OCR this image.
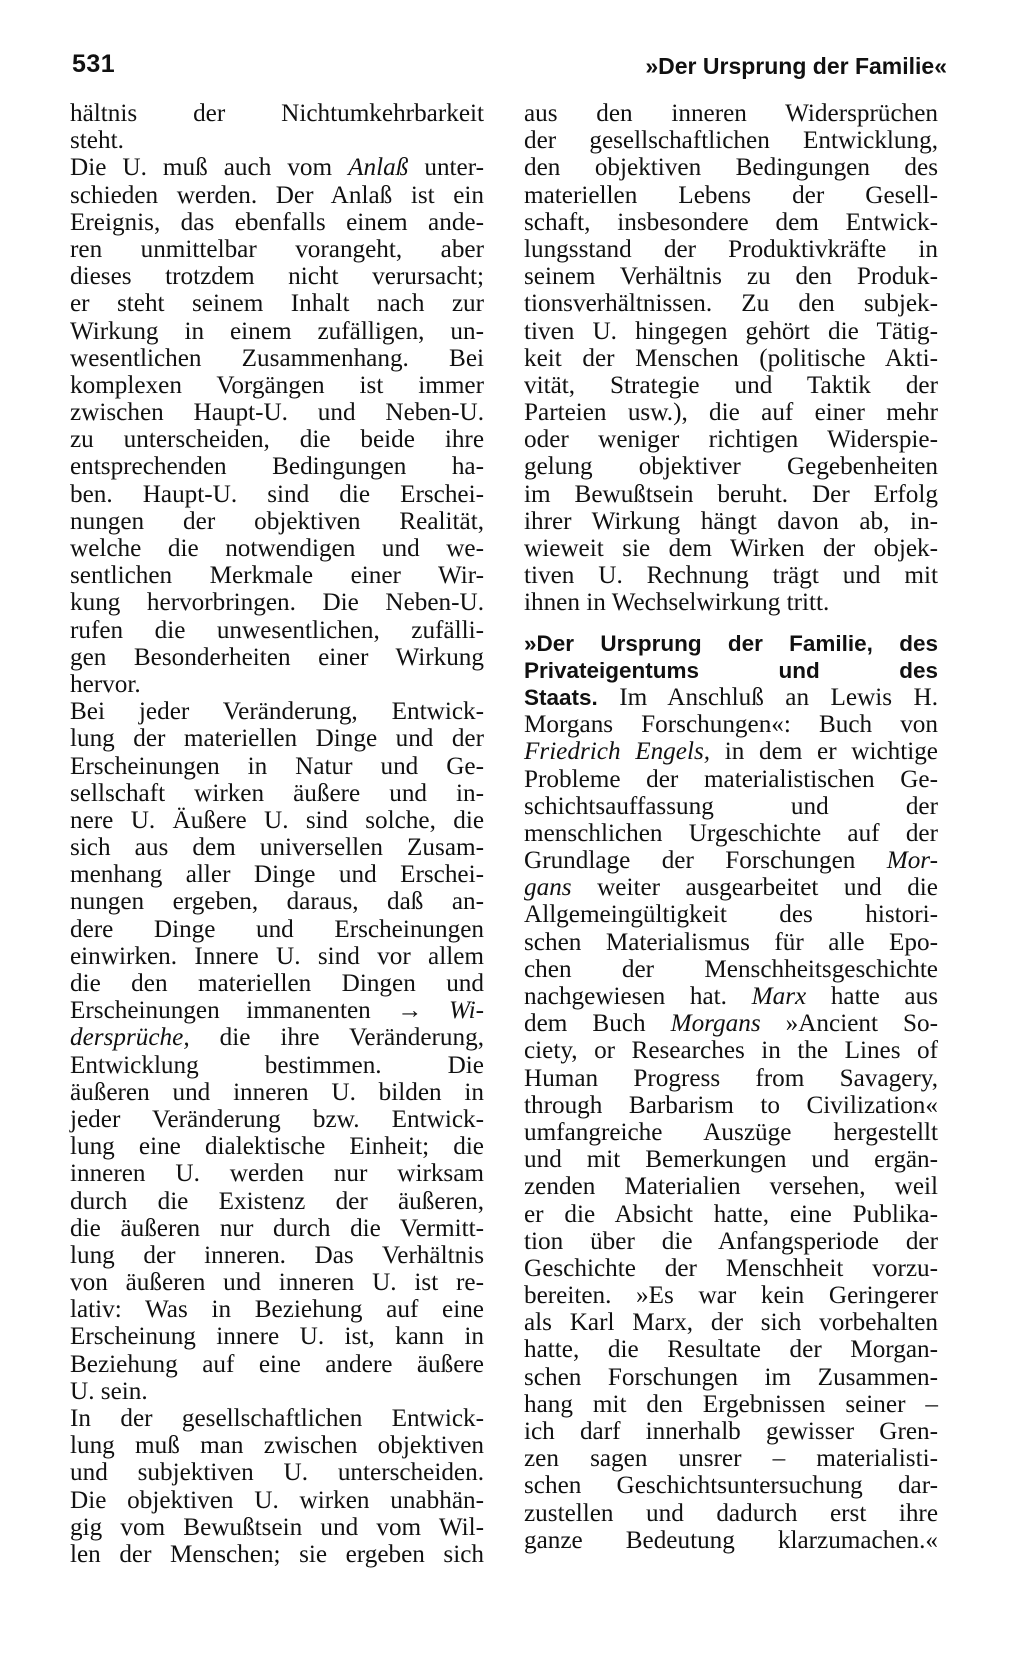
531	»Der Ursprung der Familie«
hältnis der Nichtumkehrbarkeit
steht.
Die U. muß auch vom Anlaß unter-
schieden werden. Der Anlaß ist ein
Ereignis, das ebenfalls einem ande-
ren unmittelbar vorangeht, aber
dieses trotzdem nicht verursacht;
er steht seinem Inhalt nach zur
Wirkung in einem zufälligen, un-
wesentlichen Zusammenhang. Bei
komplexen Vorgängen ist immer
zwischen Haupt-U. und Neben-U.
zu unterscheiden, die beide ihre
entsprechenden Bedingungen ha-
ben. Haupt-U. sind die Erschei-
nungen der objektiven Realität,
welche die notwendigen und we-
sentlichen Merkmale einer Wir-
kung hervorbringen. Die Neben-U.
rufen die unwesentlichen, zufälli-
gen Besonderheiten einer Wirkung
hervor.
Bei jeder Veränderung, Entwick-
lung der materiellen Dinge und der
Erscheinungen in Natur und Ge-
sellschaft wirken äußere und in-
nere U. Äußere U. sind solche, die
sich aus dem universellen Zusam-
menhang aller Dinge und Erschei-
nungen ergeben, daraus, daß an-
dere Dinge und Erscheinungen
einwirken. Innere U. sind vor allem
die den materiellen Dingen und
Erscheinungen immanenten → Wi-
dersprüche, die ihre Veränderung,
Entwicklung bestimmen. Die
äußeren und inneren U. bilden in
jeder Veränderung bzw. Entwick-
lung eine dialektische Einheit; die
inneren U. werden nur wirksam
durch die Existenz der äußeren,
die äußeren nur durch die Vermitt-
lung der inneren. Das Verhältnis
von äußeren und inneren U. ist re-
lativ: Was in Beziehung auf eine
Erscheinung innere U. ist, kann in
Beziehung auf eine andere äußere
U. sein.
In der gesellschaftlichen Entwick-
lung muß man zwischen objektiven
und subjektiven U. unterscheiden.
Die objektiven U. wirken unabhän-
gig vom Bewußtsein und vom Wil-
len der Menschen; sie ergeben sich
aus den inneren Widersprüchen
der gesellschaftlichen Entwicklung,
den objektiven Bedingungen des
materiellen Lebens der Gesell-
schaft, insbesondere dem Entwick-
lungsstand der Produktivkräfte in
seinem Verhältnis zu den Produk-
tionsverhältnissen. Zu den subjek-
tiven U. hingegen gehört die Tätig-
keit der Menschen (politische Akti-
vität, Strategie und Taktik der
Parteien usw.), die auf einer mehr
oder weniger richtigen Widerspie-
gelung objektiver Gegebenheiten
im Bewußtsein beruht. Der Erfolg
ihrer Wirkung hängt davon ab, in-
wieweit sie dem Wirken der objek-
tiven U. Rechnung trägt und mit
ihnen in Wechselwirkung tritt.
»Der Ursprung der Familie, des
Privateigentums und des
Staats. Im Anschluß an Lewis H.
Morgans Forschungen«: Buch von
Friedrich Engels, in dem er wichtige
Probleme der materialistischen Ge-
schichtsauffassung und der
menschlichen Urgeschichte auf der
Grundlage der Forschungen Mor-
gans weiter ausgearbeitet und die
Allgemeingültigkeit des histori-
schen Materialismus für alle Epo-
chen der Menschheitsgeschichte
nachgewiesen hat. Marx hatte aus
dem Buch Morgans »Ancient So-
ciety, or Researches in the Lines of
Human Progress from Savagery,
through Barbarism to Civilization«
umfangreiche Auszüge hergestellt
und mit Bemerkungen und ergän-
zenden Materialien versehen, weil
er die Absicht hatte, eine Publika-
tion über die Anfangsperiode der
Geschichte der Menschheit vorzu-
bereiten. »Es war kein Geringerer
als Karl Marx, der sich vorbehalten
hatte, die Resultate der Morgan-
schen Forschungen im Zusammen-
hang mit den Ergebnissen seiner –
ich darf innerhalb gewisser Gren-
zen sagen unsrer – materialisti-
schen Geschichtsuntersuchung dar-
zustellen und dadurch erst ihre
ganze Bedeutung klarzumachen.«
